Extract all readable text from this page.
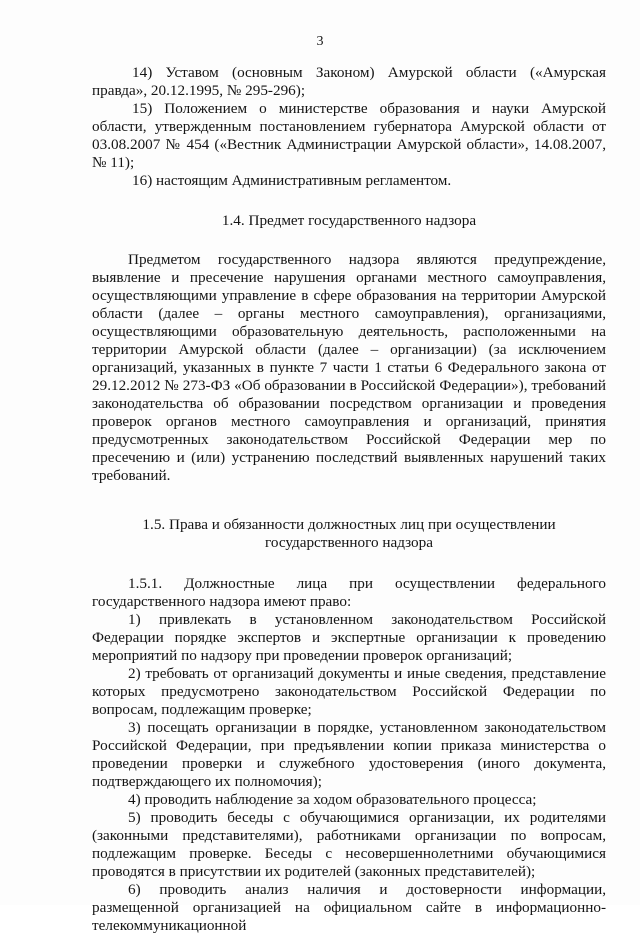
3

14) Уставом (основным Законом) Амурской области («Амурская правда», 20.12.1995, № 295-296);

15) Положением о министерстве образования и науки Амурской области, утвержденным постановлением губернатора Амурской области от 03.08.2007 № 454 («Вестник Администрации Амурской области», 14.08.2007, № 11);

16) настоящим Административным регламентом.

1.4. Предмет государственного надзора

Предметом государственного надзора являются предупреждение, выявление и пресечение нарушения органами местного самоуправления, осуществляющими управление в сфере образования на территории Амурской области (далее – органы местного самоуправления), организациями, осуществляющими образовательную деятельность, расположенными на территории Амурской области (далее – организации) (за исключением организаций, указанных в пункте 7 части 1 статьи 6 Федерального закона от 29.12.2012 № 273-ФЗ «Об образовании в Российской Федерации»), требований законодательства об образовании посредством организации и проведения проверок органов местного самоуправления и организаций, принятия предусмотренных законодательством Российской Федерации мер по пресечению и (или) устранению последствий выявленных нарушений таких требований.

1.5. Права и обязанности должностных лиц при осуществлении
государственного надзора

1.5.1. Должностные лица при осуществлении федерального государственного надзора имеют право:

1) привлекать в установленном законодательством Российской Федерации порядке экспертов и экспертные организации к проведению мероприятий по надзору при проведении проверок организаций;

2) требовать от организаций документы и иные сведения, представление которых предусмотрено законодательством Российской Федерации по вопросам, подлежащим проверке;

3) посещать организации в порядке, установленном законодательством Российской Федерации, при предъявлении копии приказа министерства о проведении проверки и служебного удостоверения (иного документа, подтверждающего их полномочия);

4) проводить наблюдение за ходом образовательного процесса;

5) проводить беседы с обучающимися организации, их родителями (законными представителями), работниками организации по вопросам, подлежащим проверке. Беседы с несовершеннолетними обучающимися проводятся в присутствии их родителей (законных представителей);

6) проводить анализ наличия и достоверности информации, размещенной организацией на официальном сайте в информационно-телекоммуникационной
